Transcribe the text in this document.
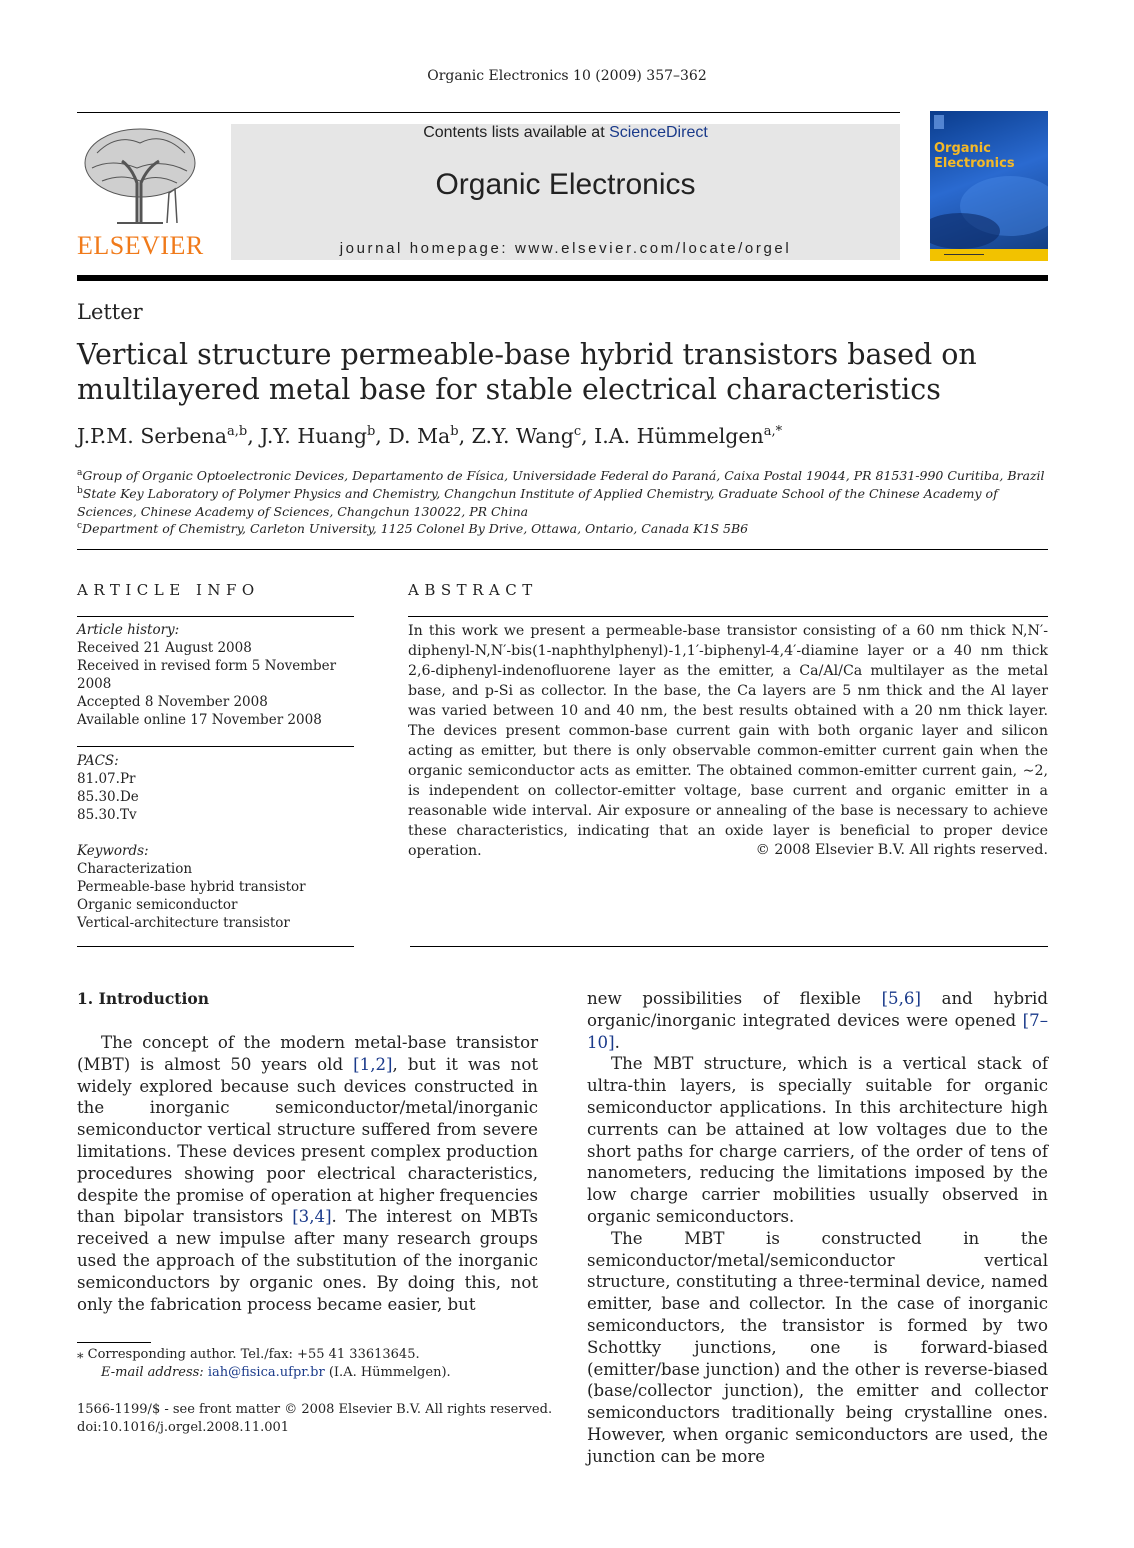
Organic Electronics 10 (2009) 357–362
ELSEVIER
Contents lists available at ScienceDirect
Organic Electronics
journal homepage: www.elsevier.com/locate/orgel
Organic
Electronics
Letter
Vertical structure permeable-base hybrid transistors based on multilayered metal base for stable electrical characteristics
J.P.M. Serbena$^{a,b}$, J.Y. Huang$^b$, D. Ma$^b$, Z.Y. Wang$^c$, I.A. Hümmelgen$^{a,*}$
$^a$Group of Organic Optoelectronic Devices, Departamento de Física, Universidade Federal do Paraná, Caixa Postal 19044, PR 81531-990 Curitiba, Brazil
$^b$State Key Laboratory of Polymer Physics and Chemistry, Changchun Institute of Applied Chemistry, Graduate School of the Chinese Academy of Sciences, Chinese Academy of Sciences, Changchun 130022, PR China
$^c$Department of Chemistry, Carleton University, 1125 Colonel By Drive, Ottawa, Ontario, Canada K1S 5B6
ARTICLE INFO	ABSTRACT
Article history:
Received 21 August 2008
Received in revised form 5 November 2008
Accepted 8 November 2008
Available online 17 November 2008
PACS:
81.07.Pr
85.30.De
85.30.Tv
Keywords:
Characterization
Permeable-base hybrid transistor
Organic semiconductor
Vertical-architecture transistor
In this work we present a permeable-base transistor consisting of a 60 nm thick N,N′-diphenyl-N,N′-bis(1-naphthylphenyl)-1,1′-biphenyl-4,4′-diamine layer or a 40 nm thick 2,6-diphenyl-indenofluorene layer as the emitter, a Ca/Al/Ca multilayer as the metal base, and p-Si as collector. In the base, the Ca layers are 5 nm thick and the Al layer was varied between 10 and 40 nm, the best results obtained with a 20 nm thick layer. The devices present common-base current gain with both organic layer and silicon acting as emitter, but there is only observable common-emitter current gain when the organic semiconductor acts as emitter. The obtained common-emitter current gain, ∼2, is independent on collector-emitter voltage, base current and organic emitter in a reasonable wide interval. Air exposure or annealing of the base is necessary to achieve these characteristics, indicating that an oxide layer is beneficial to proper device operation.	© 2008 Elsevier B.V. All rights reserved.
1. Introduction

The concept of the modern metal-base transistor (MBT) is almost 50 years old [1,2], but it was not widely explored because such devices constructed in the inorganic semiconductor/metal/inorganic semiconductor vertical structure suffered from severe limitations. These devices present complex production procedures showing poor electrical characteristics, despite the promise of operation at higher frequencies than bipolar transistors [3,4]. The interest on MBTs received a new impulse after many research groups used the approach of the substitution of the inorganic semiconductors by organic ones. By doing this, not only the fabrication process became easier, but

new possibilities of flexible [5,6] and hybrid organic/inorganic integrated devices were opened [7–10].

The MBT structure, which is a vertical stack of ultra-thin layers, is specially suitable for organic semiconductor applications. In this architecture high currents can be attained at low voltages due to the short paths for charge carriers, of the order of tens of nanometers, reducing the limitations imposed by the low charge carrier mobilities usually observed in organic semiconductors.

The MBT is constructed in the semiconductor/metal/semiconductor vertical structure, constituting a three-terminal device, named emitter, base and collector. In the case of inorganic semiconductors, the transistor is formed by two Schottky junctions, one is forward-biased (emitter/base junction) and the other is reverse-biased (base/collector junction), the emitter and collector semiconductors traditionally being crystalline ones. However, when organic semiconductors are used, the junction can be more

⁎ Corresponding author. Tel./fax: +55 41 33613645.
E-mail address: iah@fisica.ufpr.br (I.A. Hümmelgen).
1566-1199/$ - see front matter © 2008 Elsevier B.V. All rights reserved.
doi:10.1016/j.orgel.2008.11.001
